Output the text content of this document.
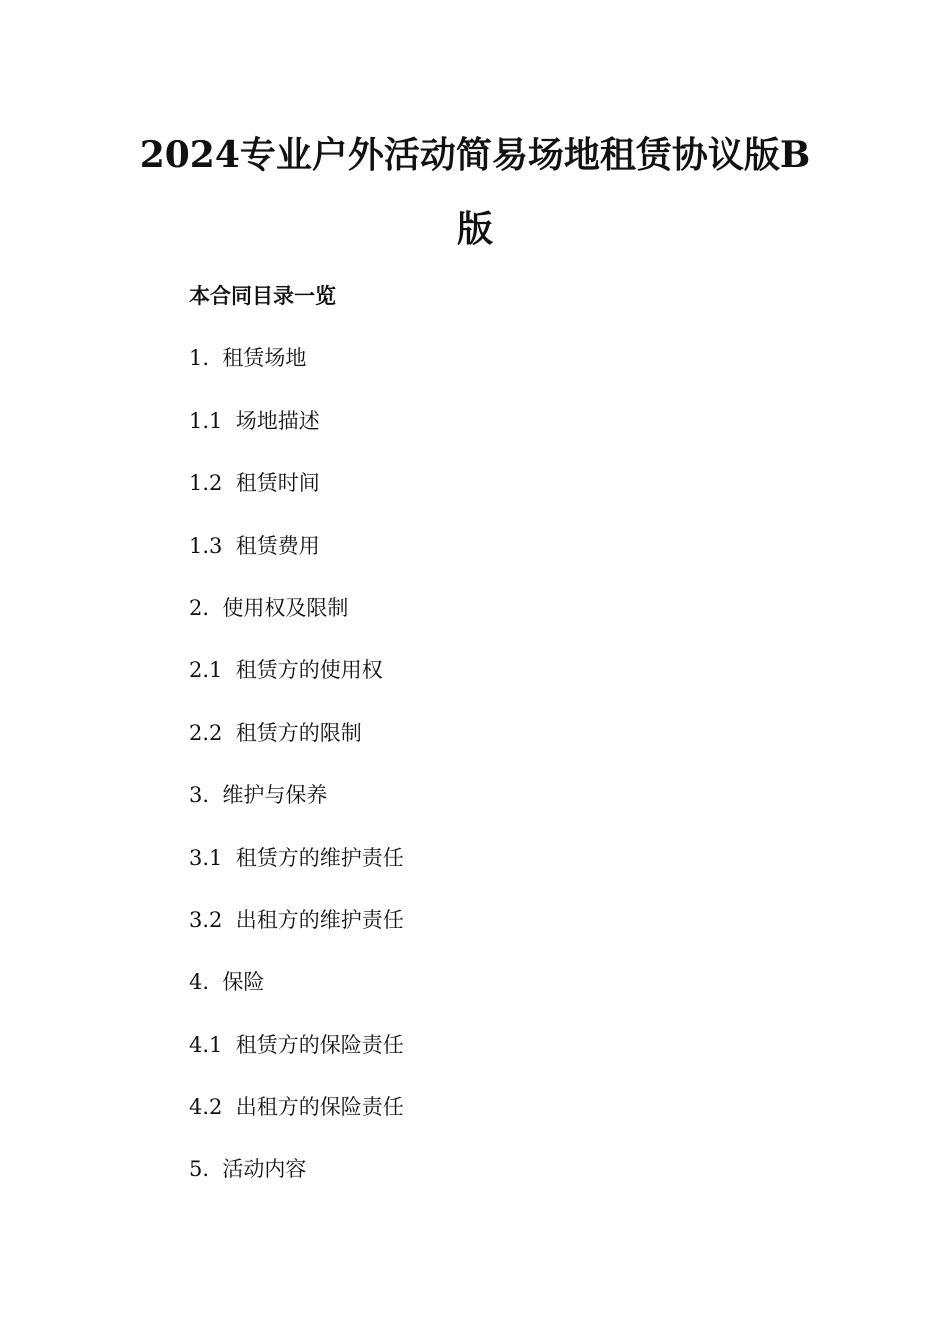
2024专业户外活动简易场地租赁协议版B
版
本合同目录一览
1.  租赁场地
1.1  场地描述
1.2  租赁时间
1.3  租赁费用
2.  使用权及限制
2.1  租赁方的使用权
2.2  租赁方的限制
3.  维护与保养
3.1  租赁方的维护责任
3.2  出租方的维护责任
4.  保险
4.1  租赁方的保险责任
4.2  出租方的保险责任
5.  活动内容
